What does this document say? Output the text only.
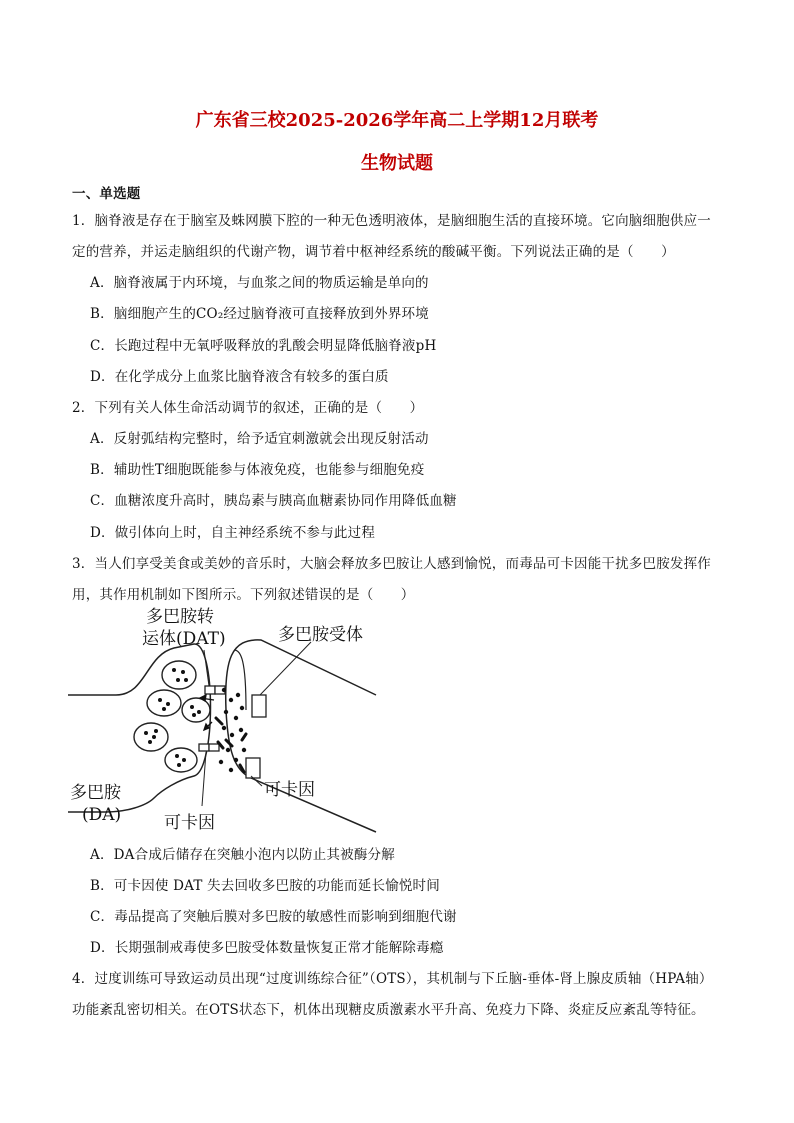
广东省三校2025-2026学年高二上学期12月联考
生物试题
一、单选题
1．脑脊液是存在于脑室及蛛网膜下腔的一种无色透明液体，是脑细胞生活的直接环境。它向脑细胞供应一
定的营养，并运走脑组织的代谢产物，调节着中枢神经系统的酸碱平衡。下列说法正确的是（　　）
A．脑脊液属于内环境，与血浆之间的物质运输是单向的
B．脑细胞产生的CO₂经过脑脊液可直接释放到外界环境
C．长跑过程中无氧呼吸释放的乳酸会明显降低脑脊液pH
D．在化学成分上血浆比脑脊液含有较多的蛋白质
2．下列有关人体生命活动调节的叙述，正确的是（　　）
A．反射弧结构完整时，给予适宜刺激就会出现反射活动
B．辅助性T细胞既能参与体液免疫，也能参与细胞免疫
C．血糖浓度升高时，胰岛素与胰高血糖素协同作用降低血糖
D．做引体向上时，自主神经系统不参与此过程
3．当人们享受美食或美妙的音乐时，大脑会释放多巴胺让人感到愉悦，而毒品可卡因能干扰多巴胺发挥作
用，其作用机制如下图所示。下列叙述错误的是（　　）
多巴胺转
运体(DAT)	多巴胺受体
可卡因
多巴胺
(DA)	可卡因
A．DA合成后储存在突触小泡内以防止其被酶分解
B．可卡因使 DAT 失去回收多巴胺的功能而延长愉悦时间
C．毒品提高了突触后膜对多巴胺的敏感性而影响到细胞代谢
D．长期强制戒毒使多巴胺受体数量恢复正常才能解除毒瘾
4．过度训练可导致运动员出现“过度训练综合征”（OTS），其机制与下丘脑-垂体-肾上腺皮质轴（HPA轴）
功能紊乱密切相关。在OTS状态下，机体出现糖皮质激素水平升高、免疫力下降、炎症反应紊乱等特征。
